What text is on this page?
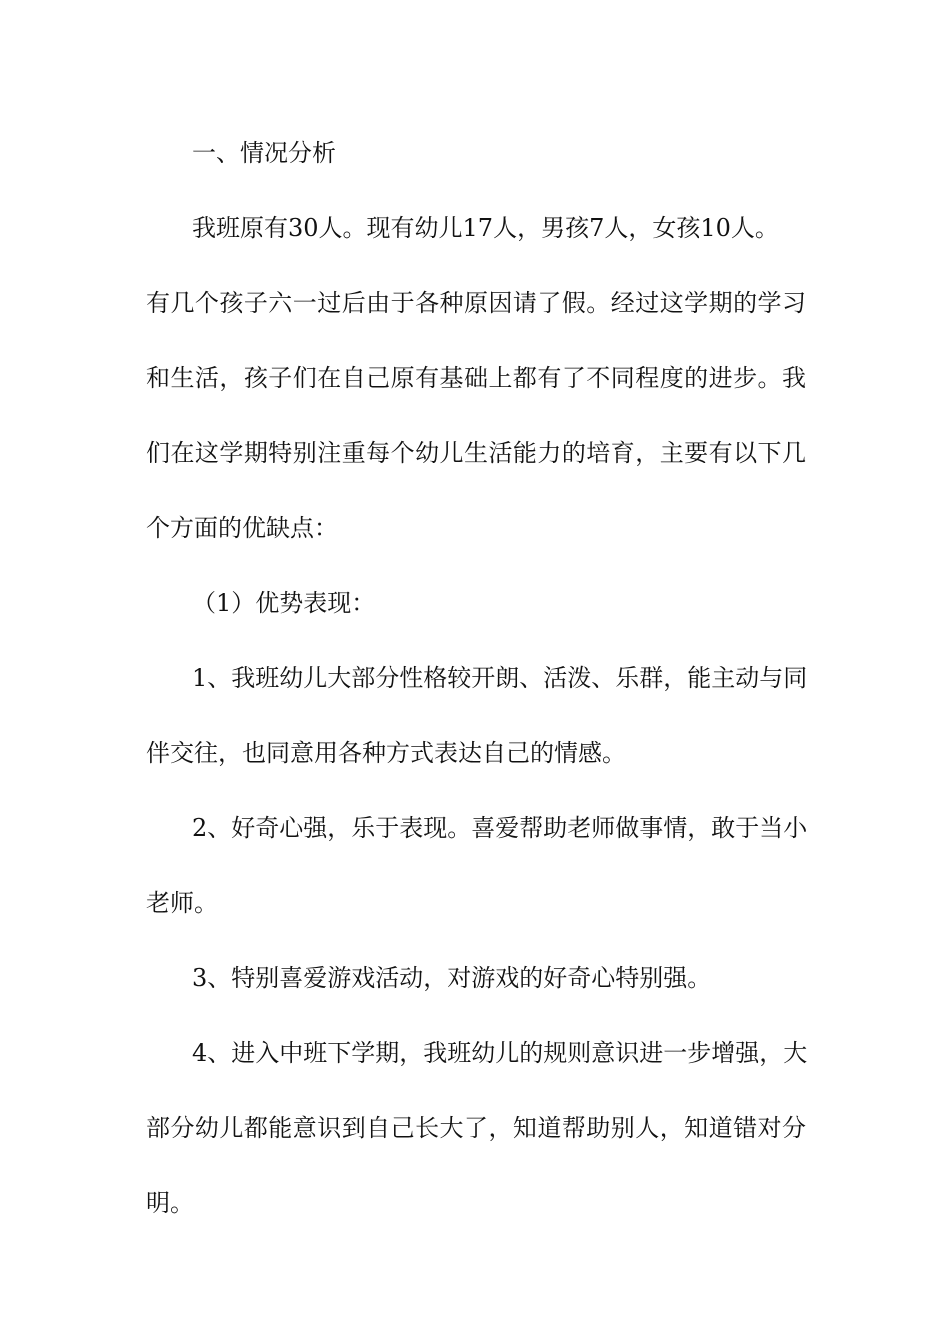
一、情况分析
我班原有30人。现有幼儿17人，男孩7人，女孩10人。
有几个孩子六一过后由于各种原因请了假。经过这学期的学习
和生活，孩子们在自己原有基础上都有了不同程度的进步。我
们在这学期特别注重每个幼儿生活能力的培育，主要有以下几
个方面的优缺点：
（1）优势表现：
1、我班幼儿大部分性格较开朗、活泼、乐群，能主动与同
伴交往，也同意用各种方式表达自己的情感。
2、好奇心强，乐于表现。喜爱帮助老师做事情，敢于当小
老师。
3、特别喜爱游戏活动，对游戏的好奇心特别强。
4、进入中班下学期，我班幼儿的规则意识进一步增强，大
部分幼儿都能意识到自己长大了，知道帮助别人，知道错对分
明。
